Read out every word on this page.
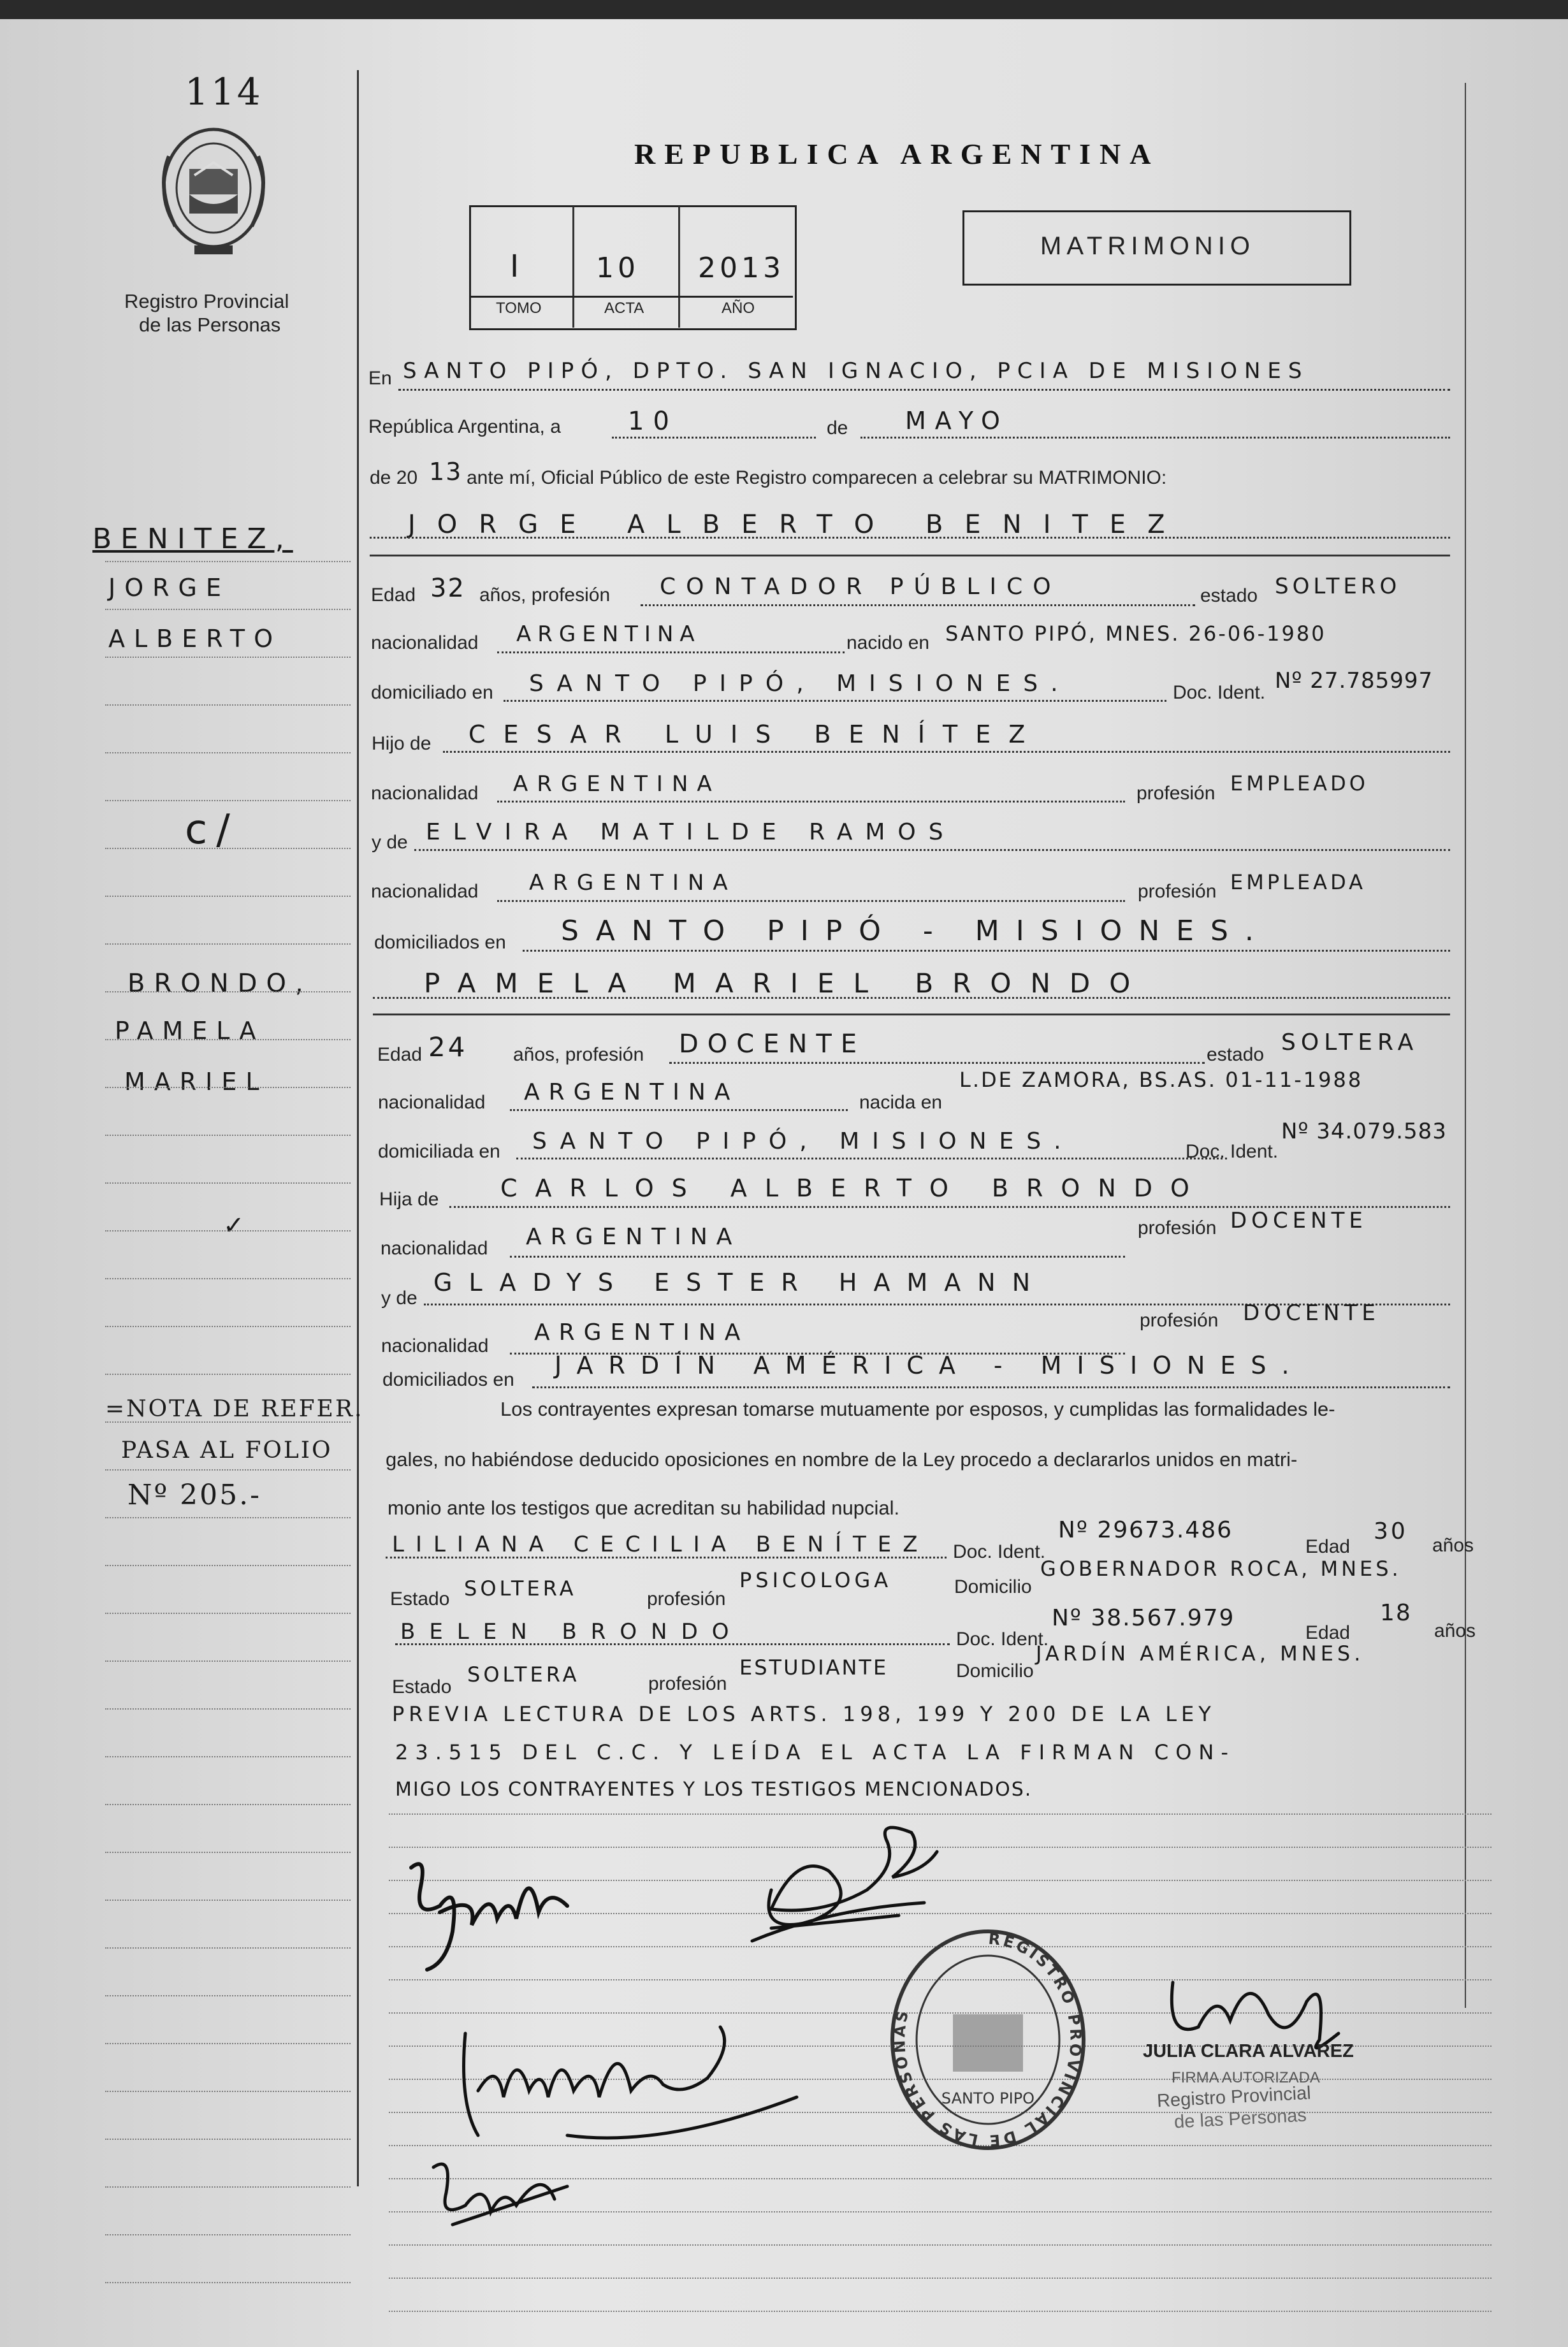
114
Registro Provincial
de las Personas
REPUBLICA ARGENTINA
I 10 2013
TOMO	ACTA	AÑO
MATRIMONIO
BENITEZ,
JORGE
ALBERTO
c/
BRONDO,
PAMELA
MARIEL
✓
=NOTA DE REFER.
PASA AL FOLIO
Nº 205.-
En SANTO PIPÓ, DPTO. SAN IGNACIO, PCIA DE MISIONES
República Argentina, a	10	de MAYO
de 20 13 ante mí, Oficial Público de este Registro comparecen a celebrar su MATRIMONIO:
JORGE ALBERTO BENITEZ
Edad 32 años, profesión CONTADOR PÚBLICO	estado SOLTERO
nacionalidad ARGENTINA	nacido en SANTO PIPÓ, MNES. 26-06-1980
domiciliado en SANTO PIPÓ, MISIONES.	Doc. Ident. Nº 27.785997
Hijo de CESAR LUIS BENÍTEZ
nacionalidad ARGENTINA	profesión EMPLEADO
y de ELVIRA MATILDE RAMOS
nacionalidad ARGENTINA	profesión EMPLEADA
domiciliados en SANTO PIPÓ - MISIONES.
PAMELA MARIEL BRONDO
Edad 24 años, profesión DOCENTE	estado SOLTERA
nacionalidad ARGENTINA	nacida en
L.DE ZAMORA, BS.AS. 01-11-1988
domiciliada en SANTO PIPÓ, MISIONES.	Doc. Ident.
Nº 34.079.583
Hija de	CARLOS ALBERTO BRONDO
nacionalidad ARGENTINA	profesión DOCENTE
y de
GLADYS ESTER HAMANN
nacionalidad
ARGENTINA	profesión DOCENTE
domiciliados en
JARDÍN AMÉRICA - MISIONES.
Los contrayentes expresan tomarse mutuamente por esposos, y cumplidas las formalidades le-
gales, no habiéndose deducido oposiciones en nombre de la Ley procedo a declararlos unidos en matri-
monio ante los testigos que acreditan su habilidad nupcial.
LILIANA CECILIA BENÍTEZ Doc. Ident.
Nº 29673.486
Edad
30
años
Estado SOLTERA	profesión
PSICOLOGA	Domicilio
GOBERNADOR ROCA, MNES.
BELEN BRONDO	Doc. Ident.
Nº 38.567.979
Edad
18
años
Estado
SOLTERA	profesión
ESTUDIANTE	Domicilio
JARDÍN AMÉRICA, MNES.
PREVIA LECTURA DE LOS ARTS. 198, 199 Y 200 DE LA LEY
23.515 DEL C.C. Y LEÍDA EL ACTA LA FIRMAN CON-
MIGO LOS CONTRAYENTES Y LOS TESTIGOS MENCIONADOS.
REGISTRO PROVINCIAL DE LAS PERSONAS
SANTO PIPO
JULIA CLARA ALVAREZ
FIRMA AUTORIZADA
Registro Provincial
de las Personas
